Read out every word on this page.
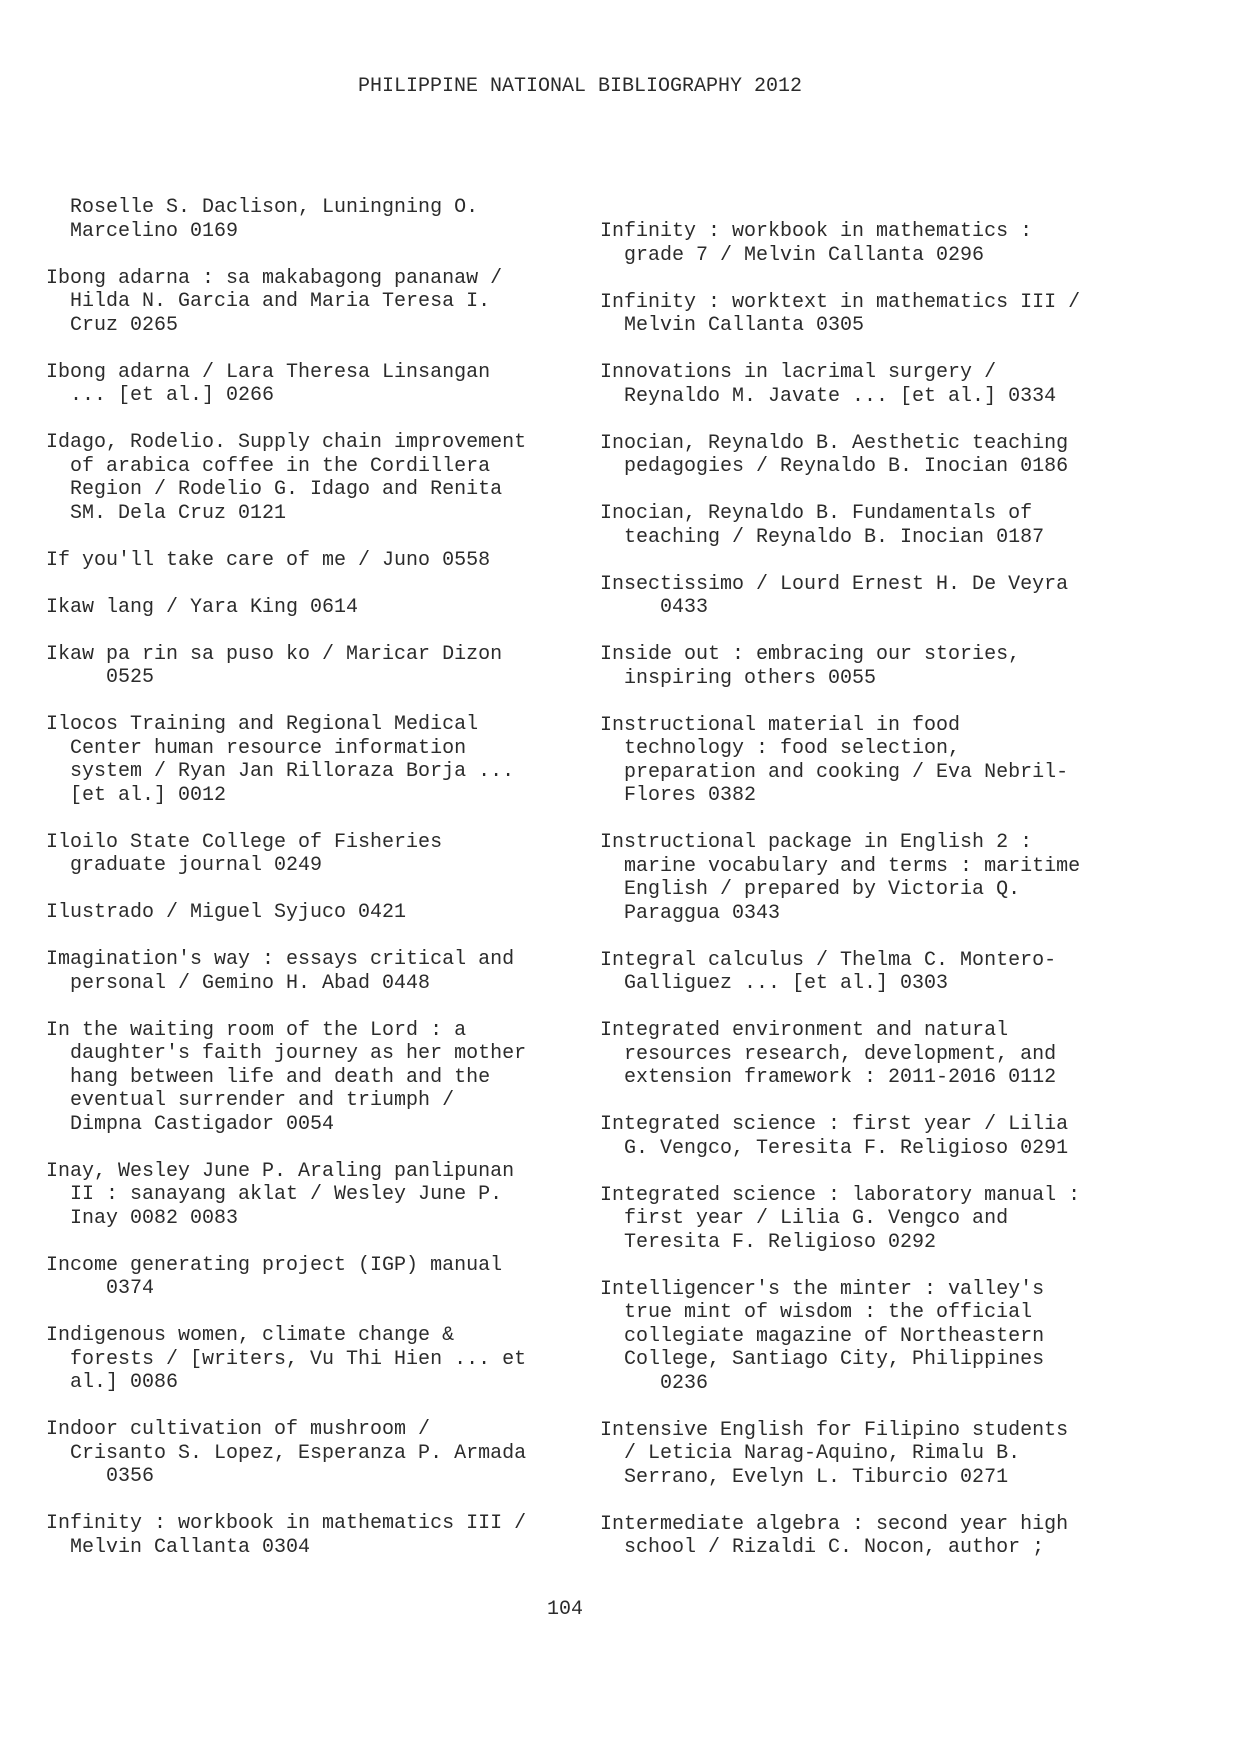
PHILIPPINE NATIONAL BIBLIOGRAPHY 2012
Roselle S. Daclison, Luningning O.
Marcelino 0169
Ibong adarna : sa makabagong pananaw /
Hilda N. Garcia and Maria Teresa I.
Cruz 0265
Ibong adarna / Lara Theresa Linsangan
... [et al.] 0266
Idago, Rodelio. Supply chain improvement
of arabica coffee in the Cordillera
Region / Rodelio G. Idago and Renita
SM. Dela Cruz 0121
If you'll take care of me / Juno 0558
Ikaw lang / Yara King 0614
Ikaw pa rin sa puso ko / Maricar Dizon
0525
Ilocos Training and Regional Medical
Center human resource information
system / Ryan Jan Rilloraza Borja ...
[et al.] 0012
Iloilo State College of Fisheries
graduate journal 0249
Ilustrado / Miguel Syjuco 0421
Imagination's way : essays critical and
personal / Gemino H. Abad 0448
In the waiting room of the Lord : a
daughter's faith journey as her mother
hang between life and death and the
eventual surrender and triumph /
Dimpna Castigador 0054
Inay, Wesley June P. Araling panlipunan
II : sanayang aklat / Wesley June P.
Inay 0082 0083
Income generating project (IGP) manual
0374
Indigenous women, climate change &
forests / [writers, Vu Thi Hien ... et
al.] 0086
Indoor cultivation of mushroom /
Crisanto S. Lopez, Esperanza P. Armada
0356
Infinity : workbook in mathematics III /
Melvin Callanta 0304
Infinity : workbook in mathematics :
grade 7 / Melvin Callanta 0296
Infinity : worktext in mathematics III /
Melvin Callanta 0305
Innovations in lacrimal surgery /
Reynaldo M. Javate ... [et al.] 0334
Inocian, Reynaldo B. Aesthetic teaching
pedagogies / Reynaldo B. Inocian 0186
Inocian, Reynaldo B. Fundamentals of
teaching / Reynaldo B. Inocian 0187
Insectissimo / Lourd Ernest H. De Veyra
0433
Inside out : embracing our stories,
inspiring others 0055
Instructional material in food
technology : food selection,
preparation and cooking / Eva Nebril-
Flores 0382
Instructional package in English 2 :
marine vocabulary and terms : maritime
English / prepared by Victoria Q.
Paraggua 0343
Integral calculus / Thelma C. Montero-
Galliguez ... [et al.] 0303
Integrated environment and natural
resources research, development, and
extension framework : 2011-2016 0112
Integrated science : first year / Lilia
G. Vengco, Teresita F. Religioso 0291
Integrated science : laboratory manual :
first year / Lilia G. Vengco and
Teresita F. Religioso 0292
Intelligencer's the minter : valley's
true mint of wisdom : the official
collegiate magazine of Northeastern
College, Santiago City, Philippines
0236
Intensive English for Filipino students
/ Leticia Narag-Aquino, Rimalu B.
Serrano, Evelyn L. Tiburcio 0271
Intermediate algebra : second year high
school / Rizaldi C. Nocon, author ;
104
